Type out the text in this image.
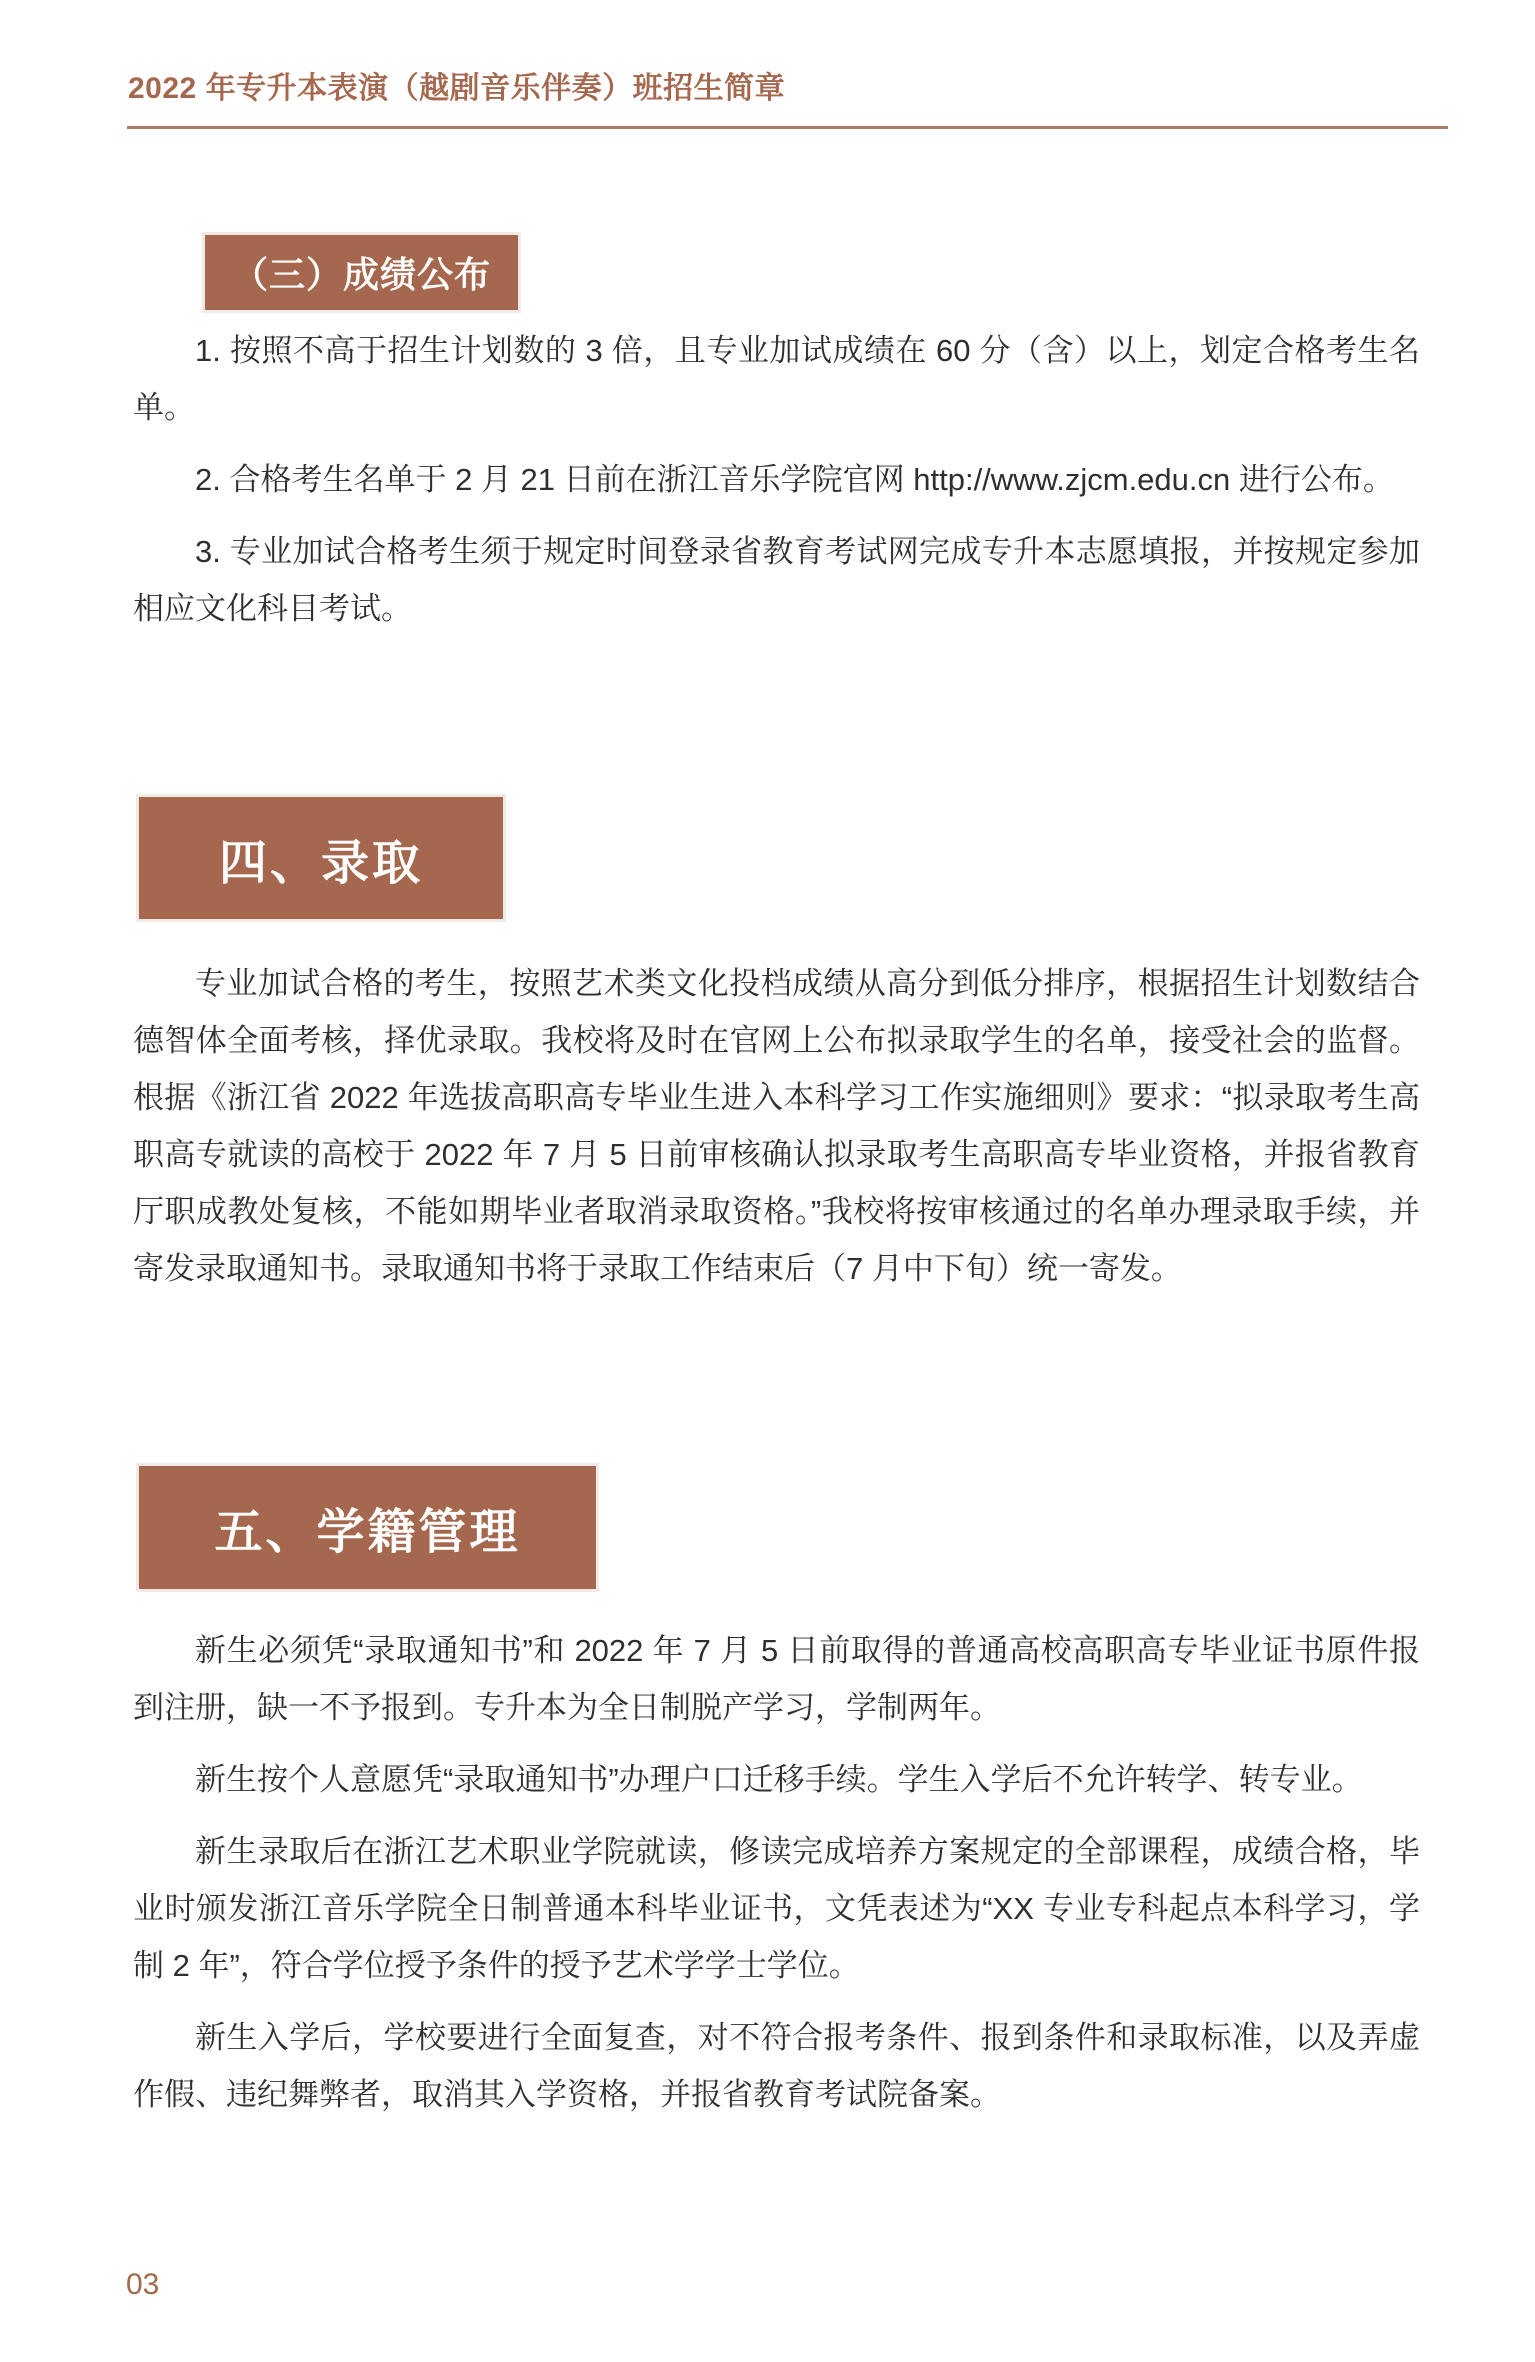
2022 年专升本表演（越剧音乐伴奏）班招生简章
（三）成绩公布

1. 按照不高于招生计划数的 3 倍，且专业加试成绩在 60 分（含）以上，划定合格考生名单。

2. 合格考生名单于 2 月 21 日前在浙江音乐学院官网 http://www.zjcm.edu.cn 进行公布。

3. 专业加试合格考生须于规定时间登录省教育考试网完成专升本志愿填报，并按规定参加相应文化科目考试。

四、录取

专业加试合格的考生，按照艺术类文化投档成绩从高分到低分排序，根据招生计划数结合德智体全面考核，择优录取。我校将及时在官网上公布拟录取学生的名单，接受社会的监督。根据《浙江省 2022 年选拔高职高专毕业生进入本科学习工作实施细则》要求：“拟录取考生高职高专就读的高校于 2022 年 7 月 5 日前审核确认拟录取考生高职高专毕业资格，并报省教育厅职成教处复核，不能如期毕业者取消录取资格。”我校将按审核通过的名单办理录取手续，并寄发录取通知书。录取通知书将于录取工作结束后（7 月中下旬）统一寄发。

五、学籍管理

新生必须凭“录取通知书”和 2022 年 7 月 5 日前取得的普通高校高职高专毕业证书原件报到注册，缺一不予报到。专升本为全日制脱产学习，学制两年。

新生按个人意愿凭“录取通知书”办理户口迁移手续。学生入学后不允许转学、转专业。

新生录取后在浙江艺术职业学院就读，修读完成培养方案规定的全部课程，成绩合格，毕业时颁发浙江音乐学院全日制普通本科毕业证书，文凭表述为“XX 专业专科起点本科学习，学制 2 年”，符合学位授予条件的授予艺术学学士学位。

新生入学后，学校要进行全面复查，对不符合报考条件、报到条件和录取标准，以及弄虚作假、违纪舞弊者，取消其入学资格，并报省教育考试院备案。

03
